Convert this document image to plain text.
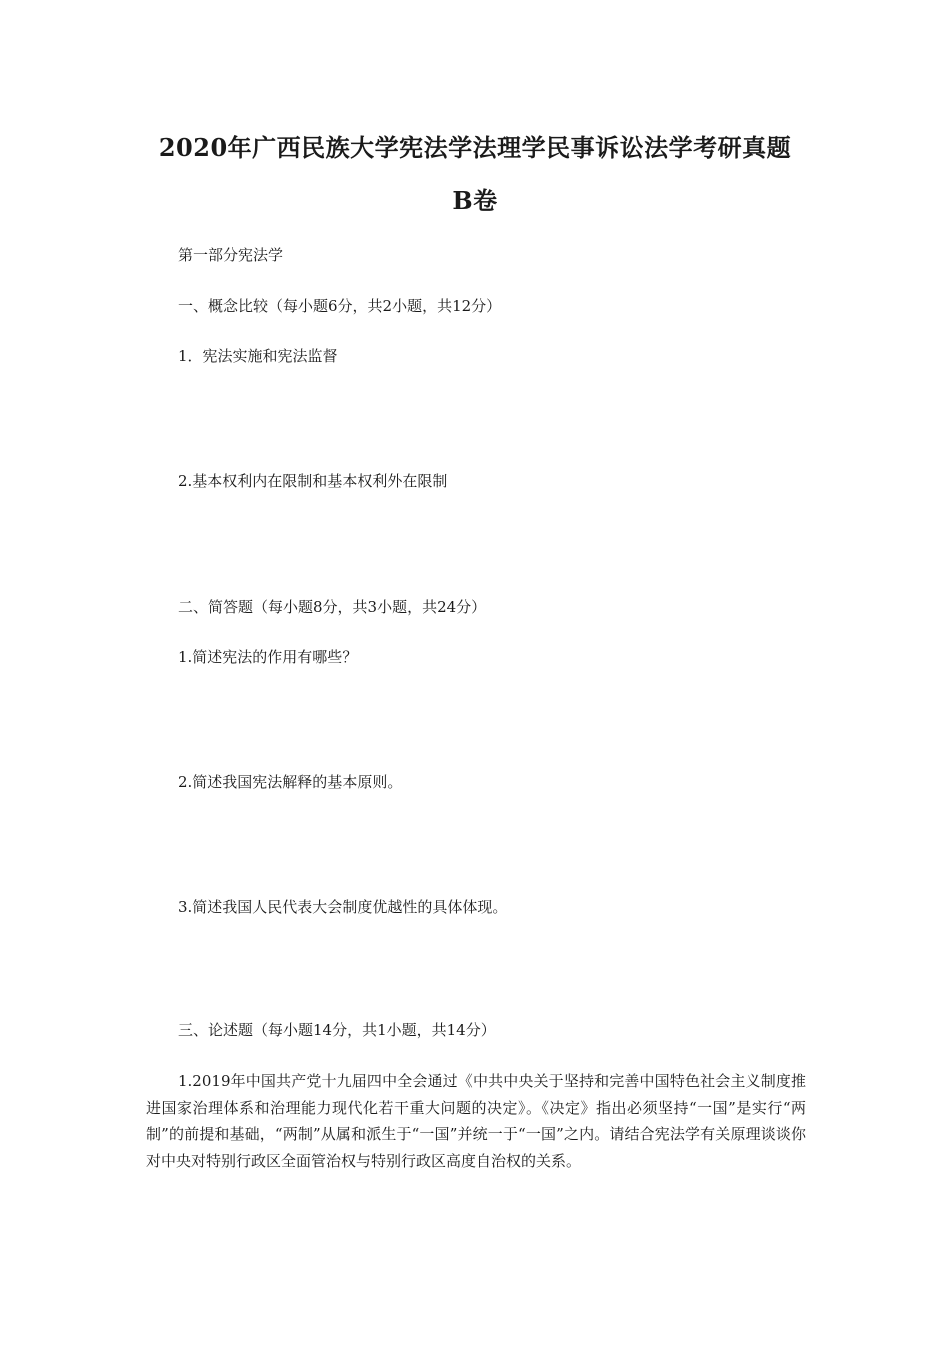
2020年广西民族大学宪法学法理学民事诉讼法学考研真题
B卷

第一部分宪法学

一、概念比较（每小题6分，共2小题，共12分）

1．宪法实施和宪法监督

2.基本权利内在限制和基本权利外在限制

二、简答题（每小题8分，共3小题，共24分）

1.简述宪法的作用有哪些？

2.简述我国宪法解释的基本原则。

3.简述我国人民代表大会制度优越性的具体体现。

三、论述题（每小题14分，共1小题，共14分）

1.2019年中国共产党十九届四中全会通过《中共中央关于坚持和完善中国特色社会主义制度推进国家治理体系和治理能力现代化若干重大问题的决定》。《决定》指出必须坚持“一国”是实行“两制”的前提和基础，“两制”从属和派生于“一国”并统一于“一国”之内。请结合宪法学有关原理谈谈你对中央对特别行政区全面管治权与特别行政区高度自治权的关系。
